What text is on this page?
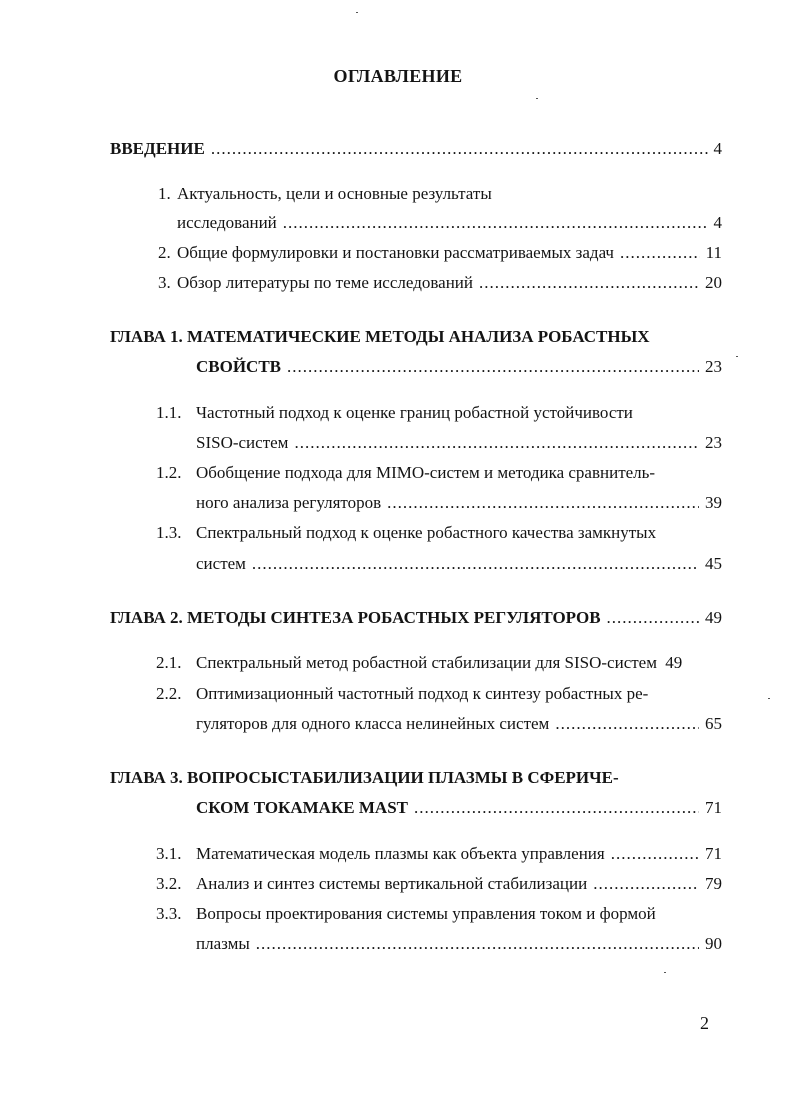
ОГЛАВЛЕНИЕ
ВВЕДЕНИЕ .....	4
1. Актуальность, цели и основные результаты
исследований .....	4
2. Общие формулировки и постановки рассматриваемых задач .....	11
3. Обзор литературы по теме исследований .....	20
ГЛАВА 1. МАТЕМАТИЧЕСКИЕ МЕТОДЫ АНАЛИЗА РОБАСТНЫХ
СВОЙСТВ .....	23
1.1. Частотный подход к оценке границ робастной устойчивости
SISO-систем .....	23
1.2. Обобщение подхода для MIMO-систем и методика сравнитель-
ного анализа регуляторов .....	39
1.3. Спектральный подход к оценке робастного качества замкнутых
систем .....	45
ГЛАВА 2. МЕТОДЫ СИНТЕЗА РОБАСТНЫХ РЕГУЛЯТОРОВ .....	49
2.1. Спектральный метод робастной стабилизации для SISO-систем 49
2.2. Оптимизационный частотный подход к синтезу робастных ре-
гуляторов для одного класса нелинейных систем .....	65
ГЛАВА 3. ВОПРОСЫСТАБИЛИЗАЦИИ ПЛАЗМЫ В СФЕРИЧЕ-
СКОМ ТОКАМАКЕ MAST .....	71
3.1. Математическая модель плазмы как объекта управления .....	71
3.2. Анализ и синтез системы вертикальной стабилизации .....	79
3.3. Вопросы проектирования системы управления током и формой
плазмы .....	90
2
